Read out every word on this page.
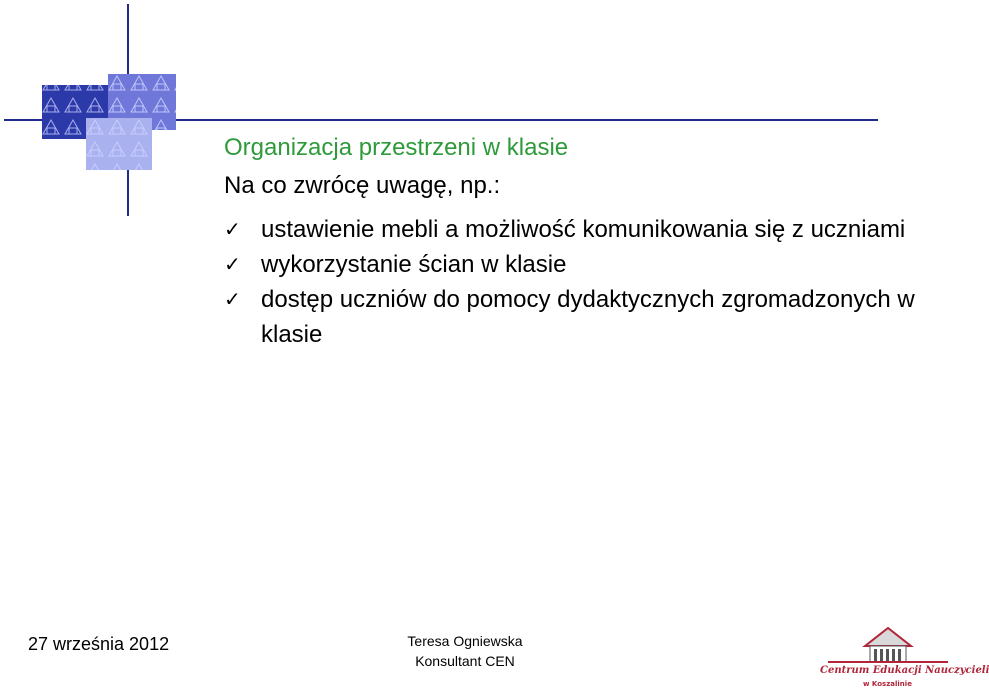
Organizacja przestrzeni w klasie
Na co zwrócę uwagę, np.:
✓ ustawienie mebli a możliwość komunikowania się z uczniami
✓ wykorzystanie ścian w klasie
✓ dostęp uczniów do pomocy dydaktycznych zgromadzonych w klasie
27 września 2012	Teresa Ogniewska
Konsultant CEN
Centrum Edukacji Nauczycieli
w Koszalinie
